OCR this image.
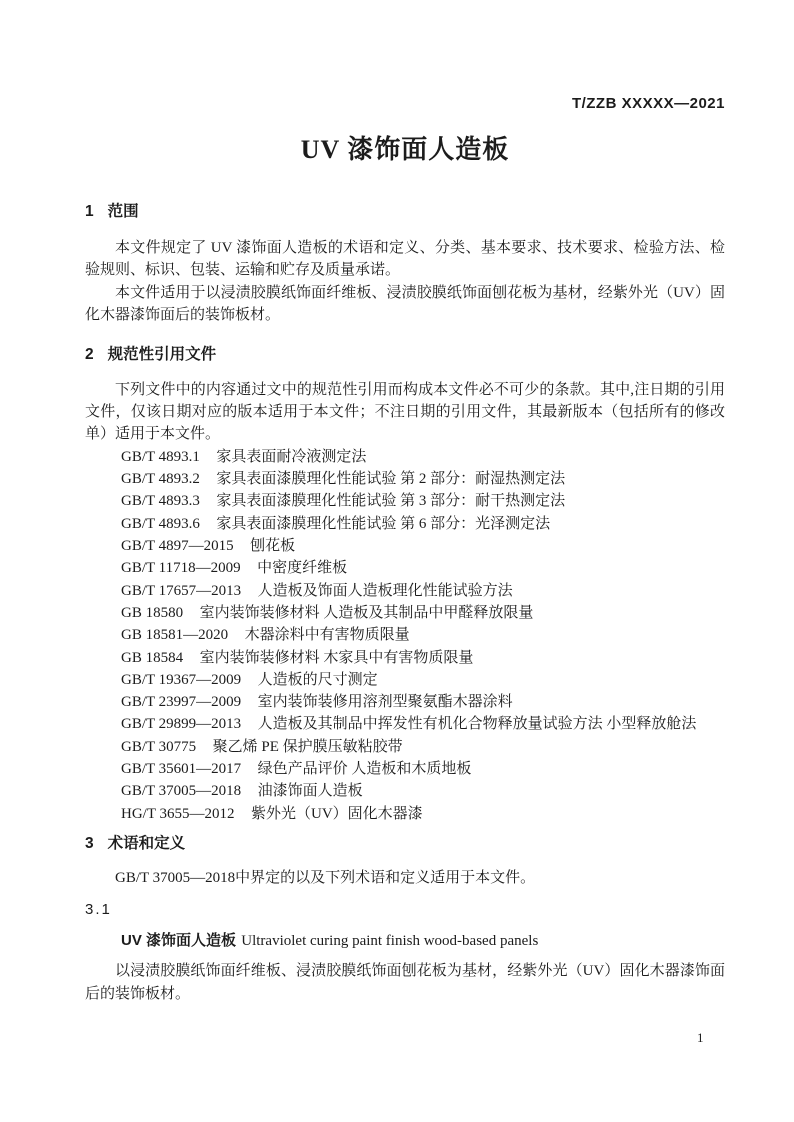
T/ZZB XXXXX—2021
UV 漆饰面人造板
1 范围

本文件规定了 UV 漆饰面人造板的术语和定义、分类、基本要求、技术要求、检验方法、检验规则、标识、包装、运输和贮存及质量承诺。

本文件适用于以浸渍胶膜纸饰面纤维板、浸渍胶膜纸饰面刨花板为基材，经紫外光（UV）固化木器漆饰面后的装饰板材。

2 规范性引用文件

下列文件中的内容通过文中的规范性引用而构成本文件必不可少的条款。其中,注日期的引用文件，仅该日期对应的版本适用于本文件；不注日期的引用文件，其最新版本（包括所有的修改单）适用于本文件。

GB/T 4893.1 家具表面耐冷液测定法
GB/T 4893.2 家具表面漆膜理化性能试验 第 2 部分：耐湿热测定法
GB/T 4893.3 家具表面漆膜理化性能试验 第 3 部分：耐干热测定法
GB/T 4893.6 家具表面漆膜理化性能试验 第 6 部分：光泽测定法
GB/T 4897—2015 刨花板
GB/T 11718—2009 中密度纤维板
GB/T 17657—2013 人造板及饰面人造板理化性能试验方法
GB 18580 室内装饰装修材料 人造板及其制品中甲醛释放限量
GB 18581—2020 木器涂料中有害物质限量
GB 18584 室内装饰装修材料 木家具中有害物质限量
GB/T 19367—2009 人造板的尺寸测定
GB/T 23997—2009 室内装饰装修用溶剂型聚氨酯木器涂料
GB/T 29899—2013 人造板及其制品中挥发性有机化合物释放量试验方法 小型释放舱法
GB/T 30775 聚乙烯 PE 保护膜压敏粘胶带
GB/T 35601—2017 绿色产品评价 人造板和木质地板
GB/T 37005—2018 油漆饰面人造板
HG/T 3655—2012 紫外光（UV）固化木器漆
3 术语和定义

GB/T 37005—2018中界定的以及下列术语和定义适用于本文件。

3.1
UV 漆饰面人造板 Ultraviolet curing paint finish wood-based panels

以浸渍胶膜纸饰面纤维板、浸渍胶膜纸饰面刨花板为基材，经紫外光（UV）固化木器漆饰面后的装饰板材。

1
